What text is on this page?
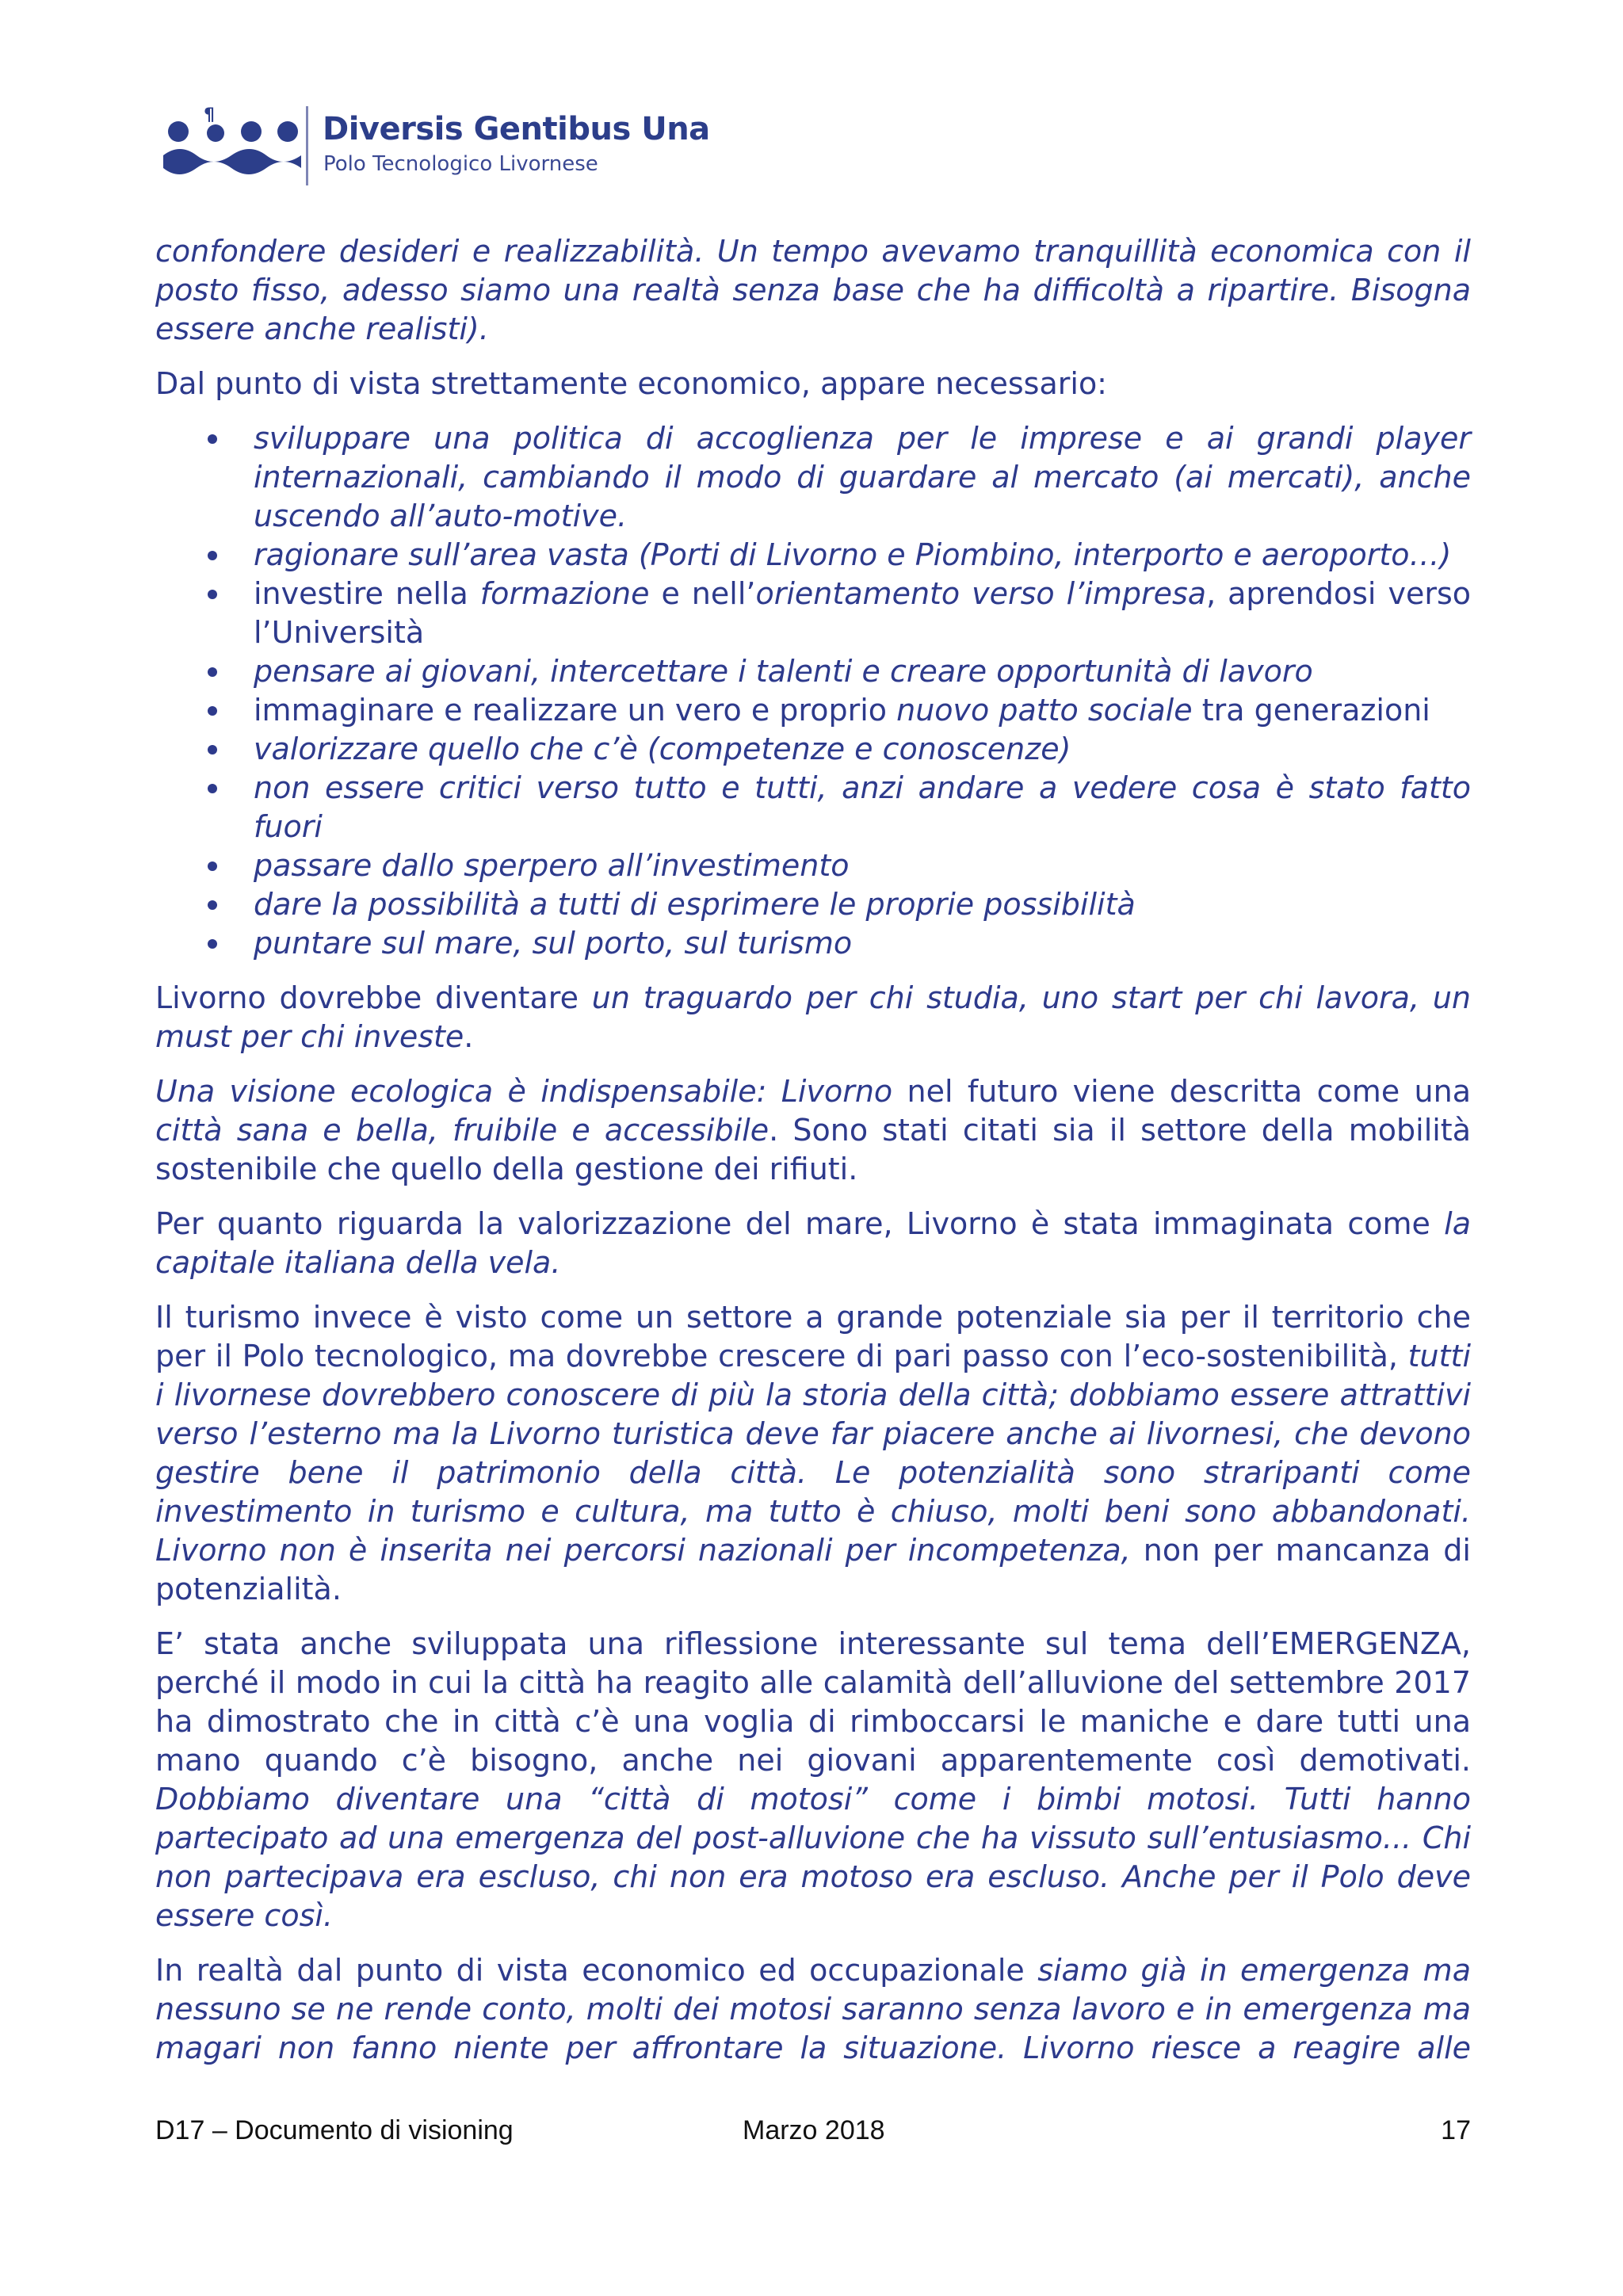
¶	Diversis Gentibus Una
Polo Tecnologico Livornese

confondere desideri e realizzabilità. Un tempo avevamo tranquillità economica con il posto fisso, adesso siamo una realtà senza base che ha difficoltà a ripartire. Bisogna essere anche realisti).

Dal punto di vista strettamente economico, appare necessario:

sviluppare una politica di accoglienza per le imprese e ai grandi player internazionali, cambiando il modo di guardare al mercato (ai mercati), anche uscendo all’auto-motive.
ragionare sull’area vasta (Porti di Livorno e Piombino, interporto e aeroporto…)
investire nella formazione e nell’orientamento verso l’impresa, aprendosi verso l’Università
pensare ai giovani, intercettare i talenti e creare opportunità di lavoro
immaginare e realizzare un vero e proprio nuovo patto sociale tra generazioni
valorizzare quello che c’è (competenze e conoscenze)
non essere critici verso tutto e tutti, anzi andare a vedere cosa è stato fatto fuori
passare dallo sperpero all’investimento
dare la possibilità a tutti di esprimere le proprie possibilità
puntare sul mare, sul porto, sul turismo

Livorno dovrebbe diventare un traguardo per chi studia, uno start per chi lavora, un must per chi investe.

Una visione ecologica è indispensabile: Livorno nel futuro viene descritta come una città sana e bella, fruibile e accessibile. Sono stati citati sia il settore della mobilità sostenibile che quello della gestione dei rifiuti.

Per quanto riguarda la valorizzazione del mare, Livorno è stata immaginata come la capitale italiana della vela.

Il turismo invece è visto come un settore a grande potenziale sia per il territorio che per il Polo tecnologico, ma dovrebbe crescere di pari passo con l’eco-sostenibilità, tutti i livornese dovrebbero conoscere di più la storia della città; dobbiamo essere attrattivi verso l’esterno ma la Livorno turistica deve far piacere anche ai livornesi, che devono gestire bene il patrimonio della città. Le potenzialità sono straripanti come investimento in turismo e cultura, ma tutto è chiuso, molti beni sono abbandonati. Livorno non è inserita nei percorsi nazionali per incompetenza, non per mancanza di potenzialità.

E’ stata anche sviluppata una riflessione interessante sul tema dell’EMERGENZA, perché il modo in cui la città ha reagito alle calamità dell’alluvione del settembre 2017 ha dimostrato che in città c’è una voglia di rimboccarsi le maniche e dare tutti una mano quando c’è bisogno, anche nei giovani apparentemente così demotivati. Dobbiamo diventare una “città di motosi” come i bimbi motosi. Tutti hanno partecipato ad una emergenza del post-alluvione che ha vissuto sull’entusiasmo... Chi non partecipava era escluso, chi non era motoso era escluso. Anche per il Polo deve essere così.

In realtà dal punto di vista economico ed occupazionale siamo già in emergenza ma nessuno se ne rende conto, molti dei motosi saranno senza lavoro e in emergenza ma magari non fanno niente per affrontare la situazione. Livorno riesce a reagire alle

D17 – Documento di visioning	Marzo 2018	17
